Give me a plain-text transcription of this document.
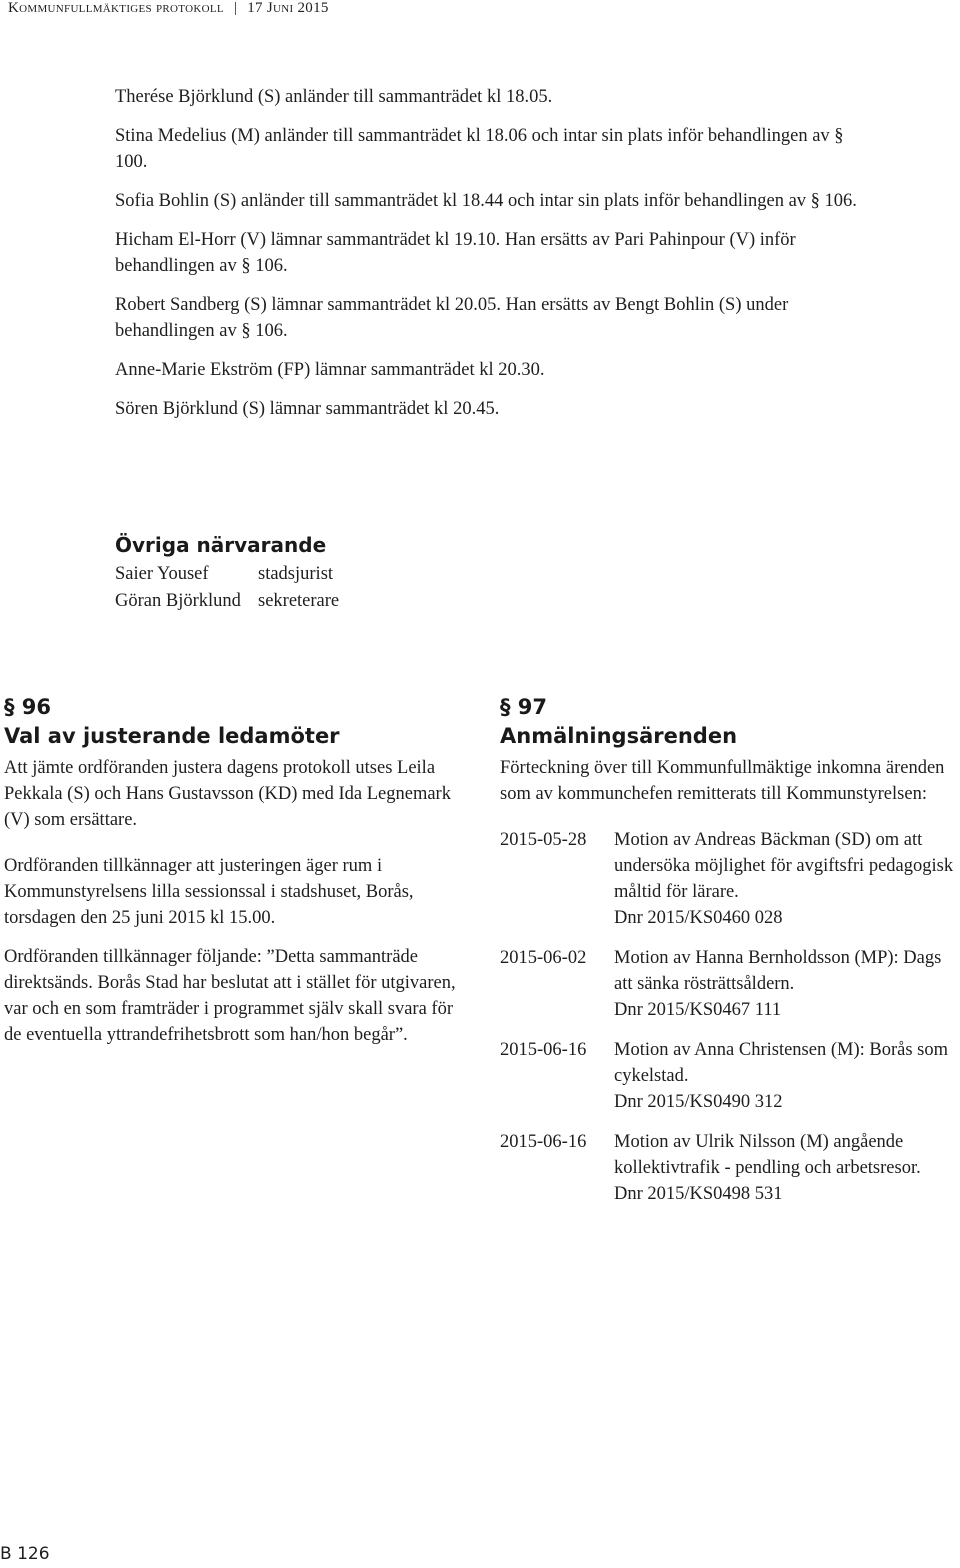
Kommunfullmäktiges protokoll | 17 Juni 2015

Therése Björklund (S) anländer till sammanträdet kl 18.05.

Stina Medelius (M) anländer till sammanträdet kl 18.06 och intar sin plats inför behandlingen av § 100.

Sofia Bohlin (S) anländer till sammanträdet kl 18.44 och intar sin plats inför behandlingen av § 106.

Hicham El-Horr (V) lämnar sammanträdet kl 19.10. Han ersätts av Pari Pahinpour (V) inför behandlingen av § 106.

Robert Sandberg (S) lämnar sammanträdet kl 20.05. Han ersätts av Bengt Bohlin (S) under behandlingen av § 106.

Anne-Marie Ekström (FP) lämnar sammanträdet kl 20.30.

Sören Björklund (S) lämnar sammanträdet kl 20.45.

Övriga närvarande
Saier Yousef	stadsjurist
Göran Björklund sekreterare
§ 96
Val av justerande ledamöter

Att jämte ordföranden justera dagens protokoll utses Leila Pekkala (S) och Hans Gustavsson (KD) med Ida Legnemark (V) som ersättare.

Ordföranden tillkännager att justeringen äger rum i Kommunstyrelsens lilla sessionssal i stadshuset, Borås, torsdagen den 25 juni 2015 kl 15.00.

Ordföranden tillkännager följande: ”Detta sammanträde direktsänds. Borås Stad har beslutat att i stället för utgivaren, var och en som framträder i programmet själv skall svara för de eventuella yttrandefrihetsbrott som han/hon begår”.

§ 97
Anmälningsärenden

Förteckning över till Kommunfullmäktige inkomna ärenden som av kommunchefen remitterats till Kommunstyrelsen:

2015-05-28	Motion av Andreas Bäckman (SD) om att undersöka möjlighet för avgiftsfri pedagogisk måltid för lärare.
Dnr 2015/KS0460 028
2015-06-02	Motion av Hanna Bernholdsson (MP): Dags att sänka rösträttsåldern.
Dnr 2015/KS0467 111
2015-06-16	Motion av Anna Christensen (M): Borås som cykelstad.
Dnr 2015/KS0490 312
2015-06-16	Motion av Ulrik Nilsson (M) angående kollektivtrafik - pendling och arbetsresor.
Dnr 2015/KS0498 531
B 126
